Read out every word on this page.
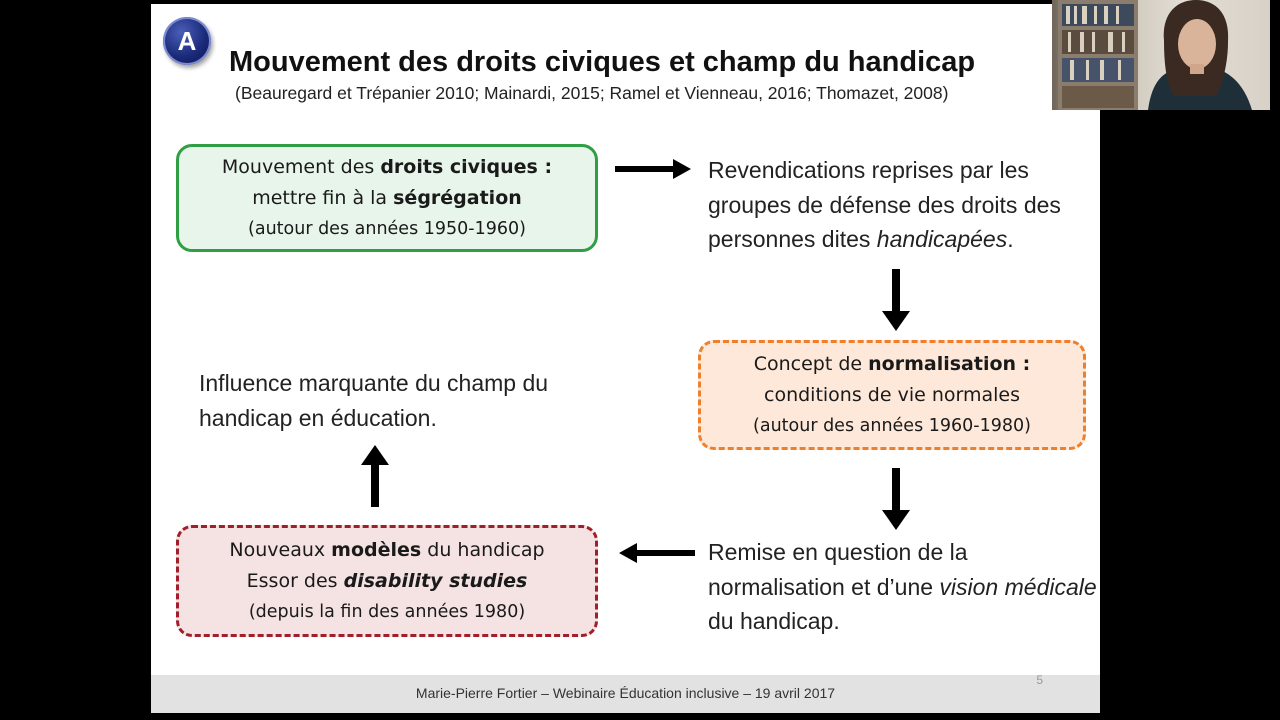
A
Mouvement des droits civiques et champ du handicap
(Beauregard et Trépanier 2010; Mainardi, 2015; Ramel et Vienneau, 2016; Thomazet, 2008)
Mouvement des droits civiques :
mettre fin à la ségrégation
(autour des années 1950-1960)
Revendications reprises par les groupes de défense des droits des personnes dites handicapées.
Concept de normalisation :
conditions de vie normales
(autour des années 1960-1980)
Remise en question de la normalisation et d’une vision médicale du handicap.
Nouveaux modèles du handicap
Essor des disability studies
(depuis la fin des années 1980)
Influence marquante du champ du handicap en éducation.
Marie-Pierre Fortier – Webinaire Éducation inclusive – 19 avril 2017
5
